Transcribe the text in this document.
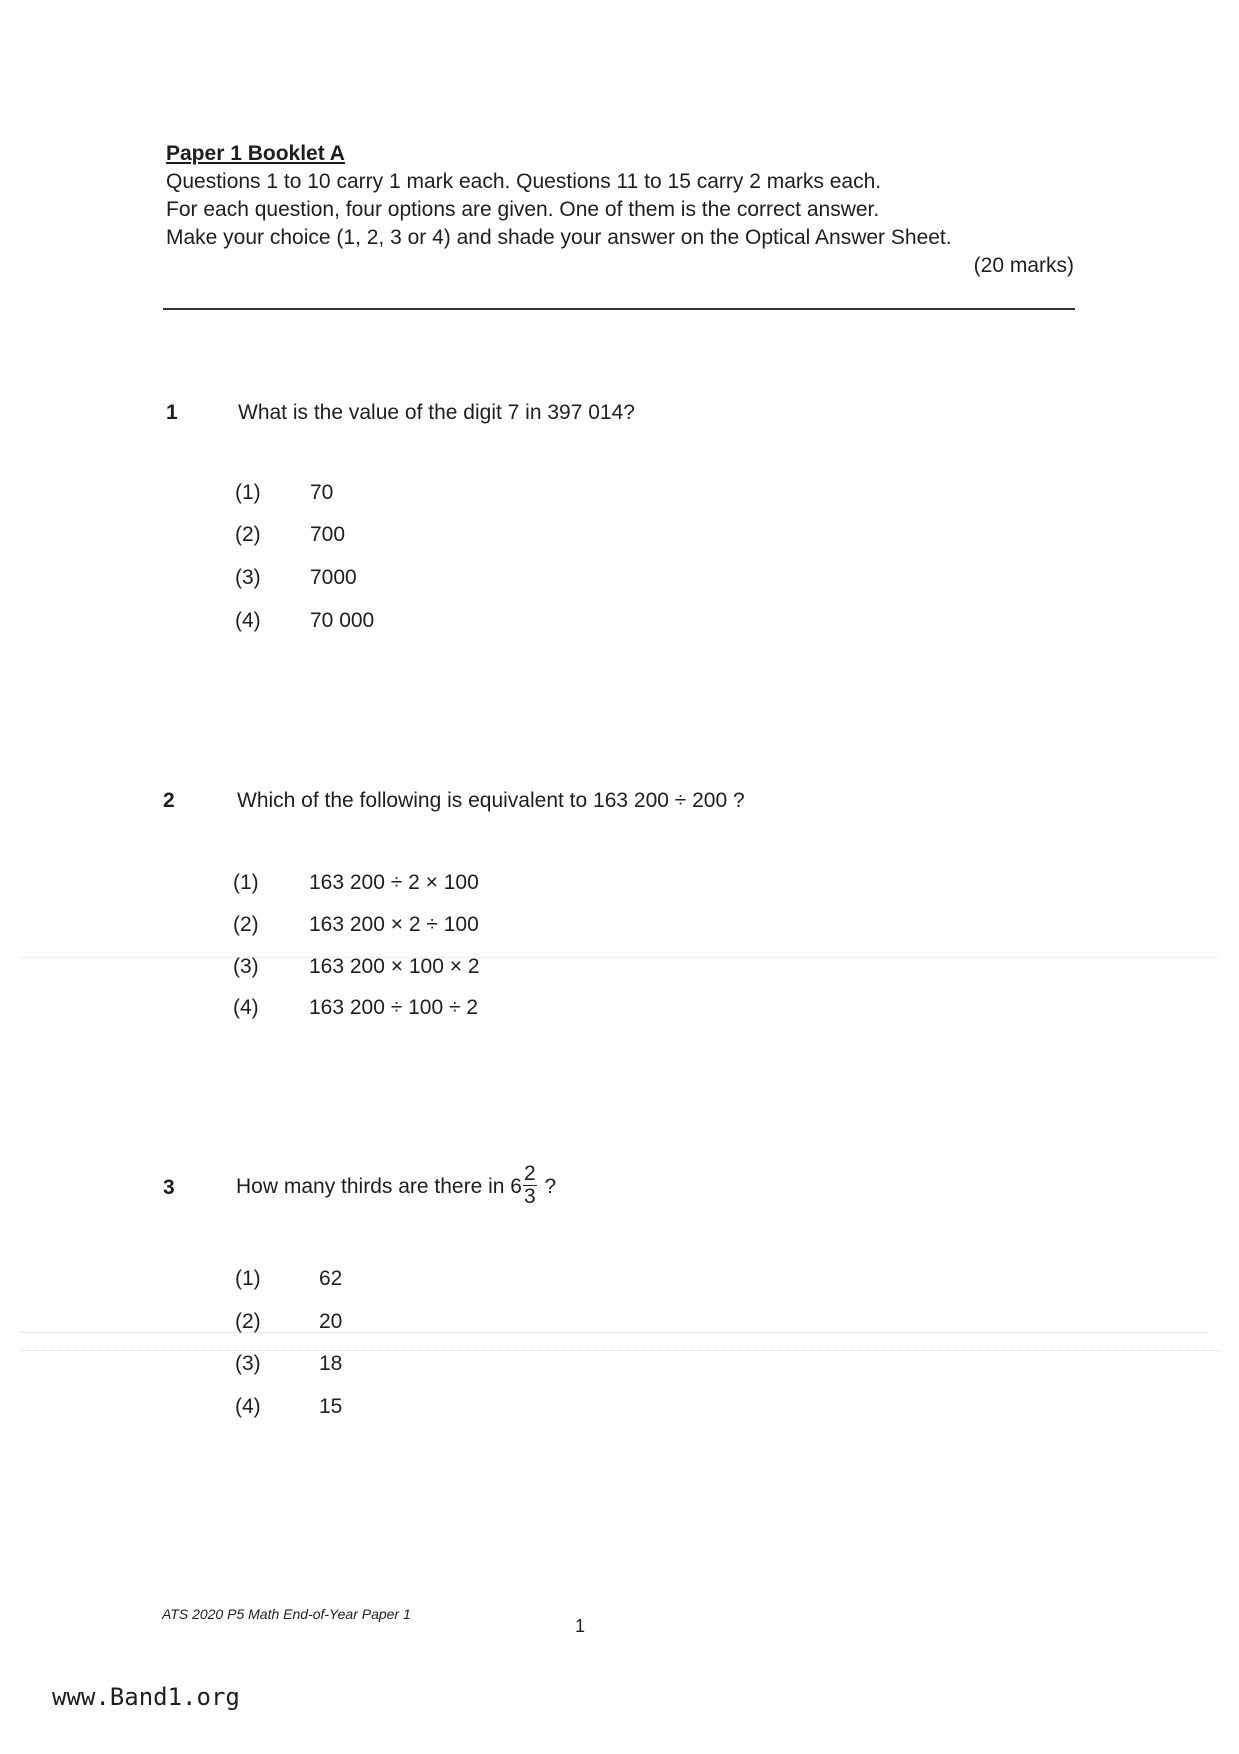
Paper 1 Booklet A
Questions 1 to 10 carry 1 mark each. Questions 11 to 15 carry 2 marks each.
For each question, four options are given. One of them is the correct answer.
Make your choice (1, 2, 3 or 4) and shade your answer on the Optical Answer Sheet.
(20 marks)
1	What is the value of the digit 7 in 397 014?
(1) 70
(2) 700
(3) 7000
(4) 70 000
2	Which of the following is equivalent to 163 200 ÷ 200 ?
(1) 163 200 ÷ 2 × 100
(2) 163 200 × 2 ÷ 100
(3) 163 200 × 100 × 2
(4) 163 200 ÷ 100 ÷ 2
3	How many thirds are there in $6 \frac{2}{3}$ ?
(1)	62
(2)	20
(3)	18
(4)	15
ATS 2020 P5 Math End-of-Year Paper 1
1
www.Band1.org
